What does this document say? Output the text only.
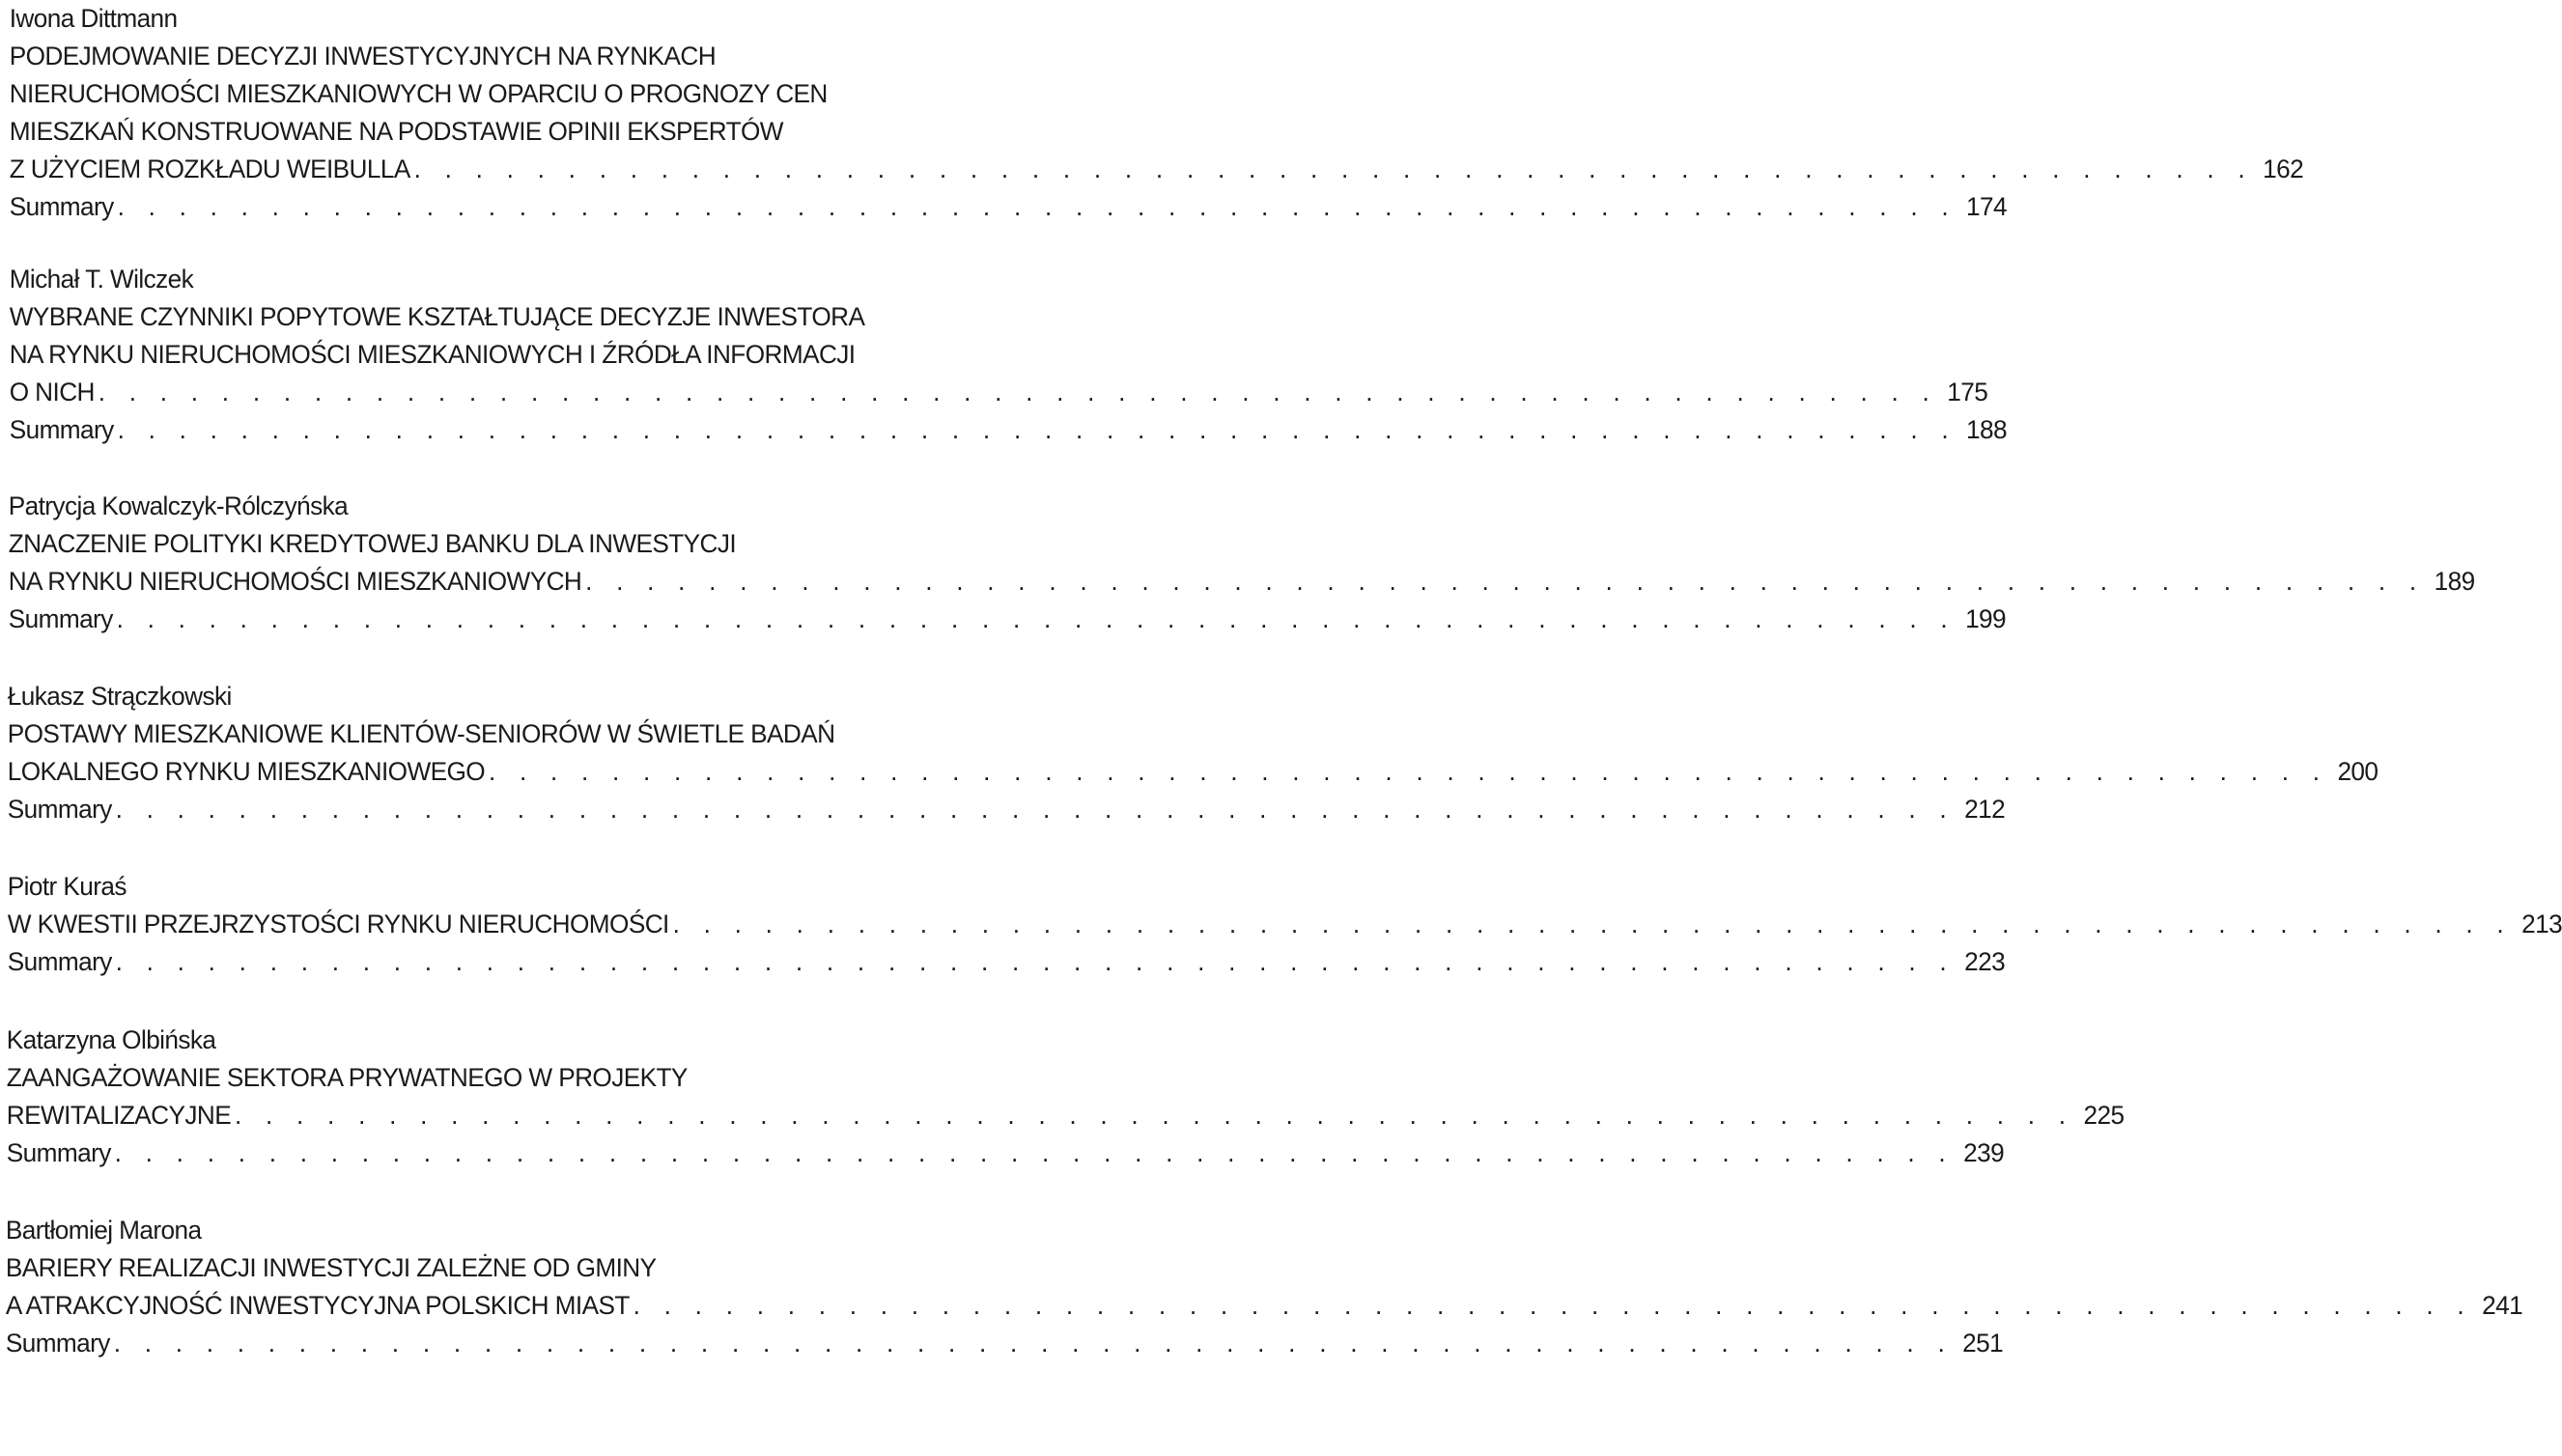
Iwona Dittmann
PODEJMOWANIE DECYZJI INWESTYCYJNYCH NA RYNKACH
NIERUCHOMOŚCI MIESZKANIOWYCH W OPARCIU O PROGNOZY CEN
MIESZKAŃ KONSTRUOWANE NA PODSTAWIE OPINII EKSPERTÓW
Z UŻYCIEM ROZKŁADU WEIBULLA . . . . . . . . . . . . . . . . . . . . . . . . . . . . . . . . . . . . . . . . . . . . . . . . . . . . . . . . . . . . 162
Summary . . . . . . . . . . . . . . . . . . . . . . . . . . . . . . . . . . . . . . . . . . . . . . . . . . . . . . . . . . . . 174
Michał T. Wilczek
WYBRANE CZYNNIKI POPYTOWE KSZTAŁTUJĄCE DECYZJE INWESTORA
NA RYNKU NIERUCHOMOŚCI MIESZKANIOWYCH I ŹRÓDŁA INFORMACJI
O NICH . . . . . . . . . . . . . . . . . . . . . . . . . . . . . . . . . . . . . . . . . . . . . . . . . . . . . . . . . . . . 175
Summary . . . . . . . . . . . . . . . . . . . . . . . . . . . . . . . . . . . . . . . . . . . . . . . . . . . . . . . . . . . . 188
Patrycja Kowalczyk-Rólczyńska
ZNACZENIE POLITYKI KREDYTOWEJ BANKU DLA INWESTYCJI
NA RYNKU NIERUCHOMOŚCI MIESZKANIOWYCH . . . . . . . . . . . . . . . . . . . . . . . . . . . . . . . . . . . . . . . . . . . . . . . . . . . . . . . . . . . . 189
Summary . . . . . . . . . . . . . . . . . . . . . . . . . . . . . . . . . . . . . . . . . . . . . . . . . . . . . . . . . . . . 199
Łukasz Strączkowski
POSTAWY MIESZKANIOWE KLIENTÓW-SENIORÓW W ŚWIETLE BADAŃ
LOKALNEGO RYNKU MIESZKANIOWEGO . . . . . . . . . . . . . . . . . . . . . . . . . . . . . . . . . . . . . . . . . . . . . . . . . . . . . . . . . . . . 200
Summary . . . . . . . . . . . . . . . . . . . . . . . . . . . . . . . . . . . . . . . . . . . . . . . . . . . . . . . . . . . . 212
Piotr Kuraś
W KWESTII PRZEJRZYSTOŚCI RYNKU NIERUCHOMOŚCI . . . . . . . . . . . . . . . . . . . . . . . . . . . . . . . . . . . . . . . . . . . . . . . . . . . . . . . . . . . . 213
Summary . . . . . . . . . . . . . . . . . . . . . . . . . . . . . . . . . . . . . . . . . . . . . . . . . . . . . . . . . . . . 223
Katarzyna Olbińska
ZAANGAŻOWANIE SEKTORA PRYWATNEGO W PROJEKTY
REWITALIZACYJNE . . . . . . . . . . . . . . . . . . . . . . . . . . . . . . . . . . . . . . . . . . . . . . . . . . . . . . . . . . . . 225
Summary . . . . . . . . . . . . . . . . . . . . . . . . . . . . . . . . . . . . . . . . . . . . . . . . . . . . . . . . . . . . 239
Bartłomiej Marona
BARIERY REALIZACJI INWESTYCJI ZALEŻNE OD GMINY
A ATRAKCYJNOŚĆ INWESTYCYJNA POLSKICH MIAST . . . . . . . . . . . . . . . . . . . . . . . . . . . . . . . . . . . . . . . . . . . . . . . . . . . . . . . . . . . . 241
Summary . . . . . . . . . . . . . . . . . . . . . . . . . . . . . . . . . . . . . . . . . . . . . . . . . . . . . . . . . . . . 251
